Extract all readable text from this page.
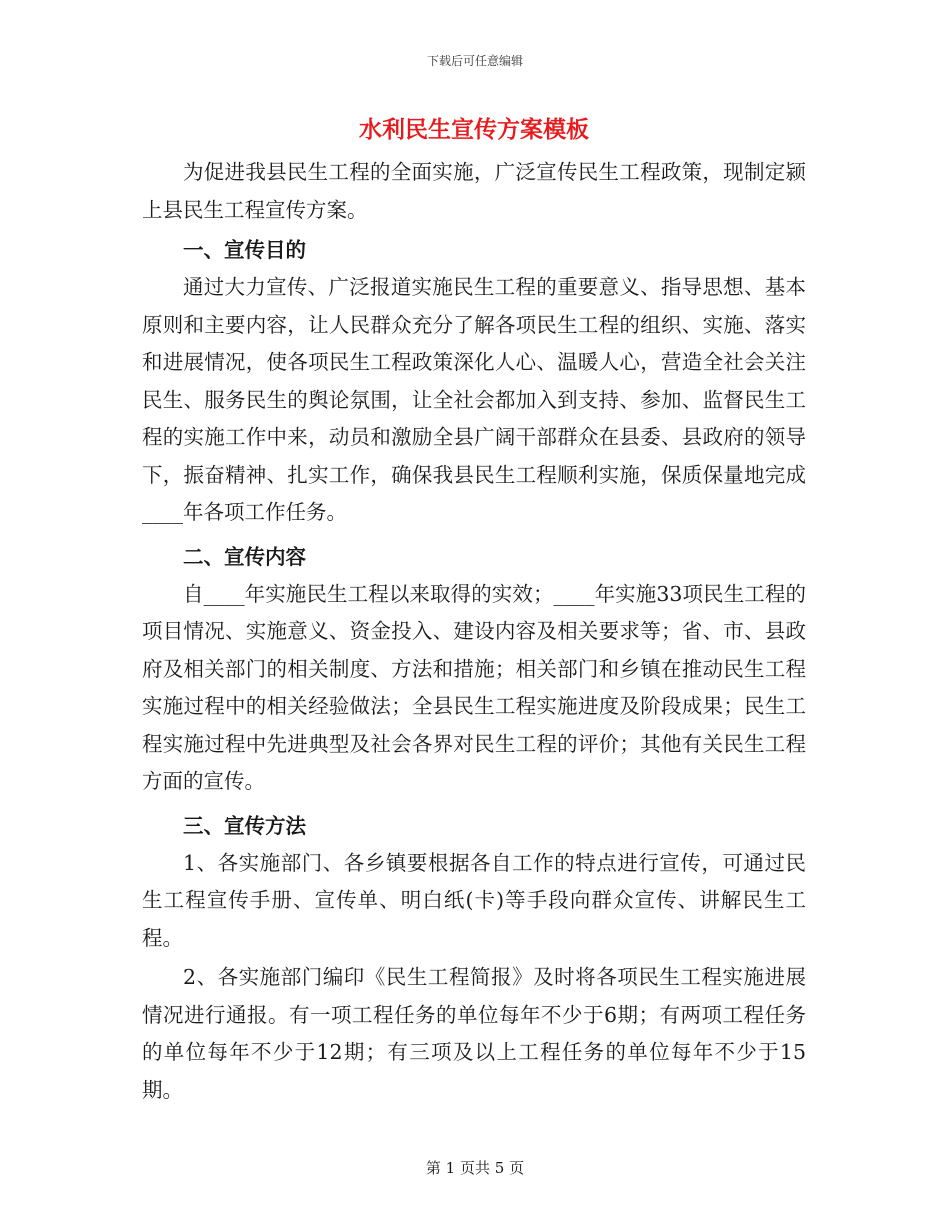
下载后可任意编辑
水利民生宣传方案模板

为促进我县民生工程的全面实施，广泛宣传民生工程政策，现制定颍上县民生工程宣传方案。

一、宣传目的

通过大力宣传、广泛报道实施民生工程的重要意义、指导思想、基本原则和主要内容，让人民群众充分了解各项民生工程的组织、实施、落实和进展情况，使各项民生工程政策深化人心、温暖人心，营造全社会关注民生、服务民生的舆论氛围，让全社会都加入到支持、参加、监督民生工程的实施工作中来，动员和激励全县广阔干部群众在县委、县政府的领导下，振奋精神、扎实工作，确保我县民生工程顺利实施，保质保量地完成____年各项工作任务。

二、宣传内容

自____年实施民生工程以来取得的实效；____年实施33项民生工程的项目情况、实施意义、资金投入、建设内容及相关要求等；省、市、县政府及相关部门的相关制度、方法和措施；相关部门和乡镇在推动民生工程实施过程中的相关经验做法；全县民生工程实施进度及阶段成果；民生工程实施过程中先进典型及社会各界对民生工程的评价；其他有关民生工程方面的宣传。

三、宣传方法

1、各实施部门、各乡镇要根据各自工作的特点进行宣传，可通过民生工程宣传手册、宣传单、明白纸(卡)等手段向群众宣传、讲解民生工程。

2、各实施部门编印《民生工程简报》及时将各项民生工程实施进展情况进行通报。有一项工程任务的单位每年不少于6期；有两项工程任务的单位每年不少于12期；有三项及以上工程任务的单位每年不少于15期。

第 1 页共 5 页
